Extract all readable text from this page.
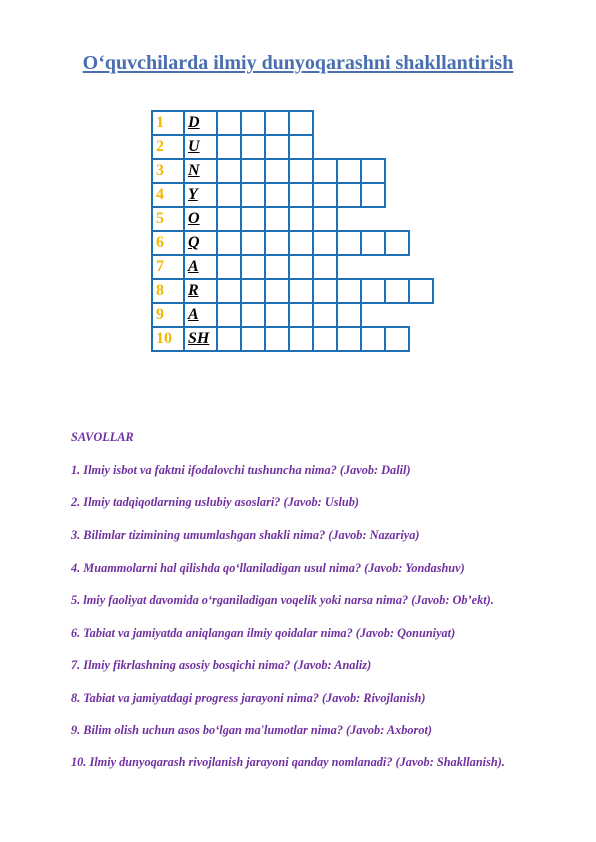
O‘quvchilarda ilmiy dunyoqarashni shakllantirish
1	D
2	U
3	N
4	Y
5	O
6	Q
7	A
8	R
9	A
10	SH

SAVOLLAR

1. Ilmiy isbot va faktni ifodalovchi tushuncha nima? (Javob: Dalil)

2. Ilmiy tadqiqotlarning uslubiy asoslari? (Javob: Uslub)

3. Bilimlar tizimining umumlashgan shakli nima? (Javob: Nazariya)

4. Muammolarni hal qilishda qo‘llaniladigan usul nima? (Javob: Yondashuv)

5. lmiy faoliyat davomida o‘rganiladigan voqelik yoki narsa nima? (Javob: Ob’ekt).

6. Tabiat va jamiyatda aniqlangan ilmiy qoidalar nima? (Javob: Qonuniyat)

7. Ilmiy fikrlashning asosiy bosqichi nima? (Javob: Analiz)

8. Tabiat va jamiyatdagi progress jarayoni nima? (Javob: Rivojlanish)

9. Bilim olish uchun asos bo‘lgan ma'lumotlar nima? (Javob: Axborot)

10. Ilmiy dunyoqarash rivojlanish jarayoni qanday nomlanadi? (Javob: Shakllanish).
